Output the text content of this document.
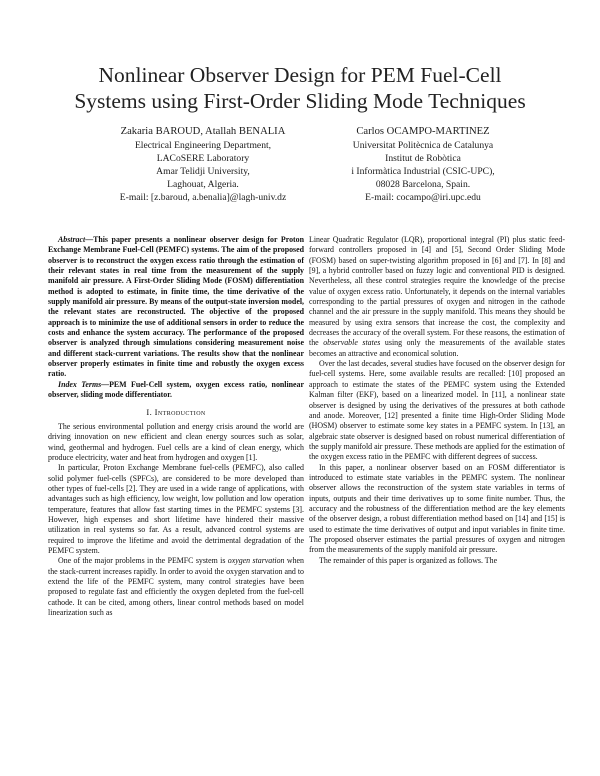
Nonlinear Observer Design for PEM Fuel-Cell
Systems using First-Order Sliding Mode Techniques
Zakaria BAROUD, Atallah BENALIA
Electrical Engineering Department,
LACoSERE Laboratory
Amar Telidji University,
Laghouat, Algeria.
E-mail: [z.baroud, a.benalia]@lagh-univ.dz
Carlos OCAMPO-MARTINEZ
Universitat Politècnica de Catalunya
Institut de Robòtica
i Informàtica Industrial (CSIC-UPC),
08028 Barcelona, Spain.
E-mail: cocampo@iri.upc.edu

Abstract—This paper presents a nonlinear observer design for Proton Exchange Membrane Fuel-Cell (PEMFC) systems. The aim of the proposed observer is to reconstruct the oxygen excess ratio through the estimation of their relevant states in real time from the measurement of the supply manifold air pressure. A First-Order Sliding Mode (FOSM) differentiation method is adopted to estimate, in finite time, the time derivative of the supply manifold air pressure. By means of the output-state inversion model, the relevant states are reconstructed. The objective of the proposed approach is to minimize the use of additional sensors in order to reduce the costs and enhance the system accuracy. The performance of the proposed observer is analyzed through simulations considering measurement noise and different stack-current variations. The results show that the nonlinear observer properly estimates in finite time and robustly the oxygen excess ratio.

Index Terms—PEM Fuel-Cell system, oxygen excess ratio, nonlinear observer, sliding mode differentiator.

I. Introduction

The serious environmental pollution and energy crisis around the world are driving innovation on new efficient and clean energy sources such as solar, wind, geothermal and hydrogen. Fuel cells are a kind of clean energy, which produce electricity, water and heat from hydrogen and oxygen [1].

In particular, Proton Exchange Membrane fuel-cells (PEMFC), also called solid polymer fuel-cells (SPFCs), are considered to be more developed than other types of fuel-cells [2]. They are used in a wide range of applications, with advantages such as high efficiency, low weight, low pollution and low operation temperature, features that allow fast starting times in the PEMFC systems [3]. However, high expenses and short lifetime have hindered their massive utilization in real systems so far. As a result, advanced control systems are required to improve the lifetime and avoid the detrimental degradation of the PEMFC system.

One of the major problems in the PEMFC system is oxygen starvation when the stack-current increases rapidly. In order to avoid the oxygen starvation and to extend the life of the PEMFC system, many control strategies have been proposed to regulate fast and efficiently the oxygen depleted from the fuel-cell cathode. It can be cited, among others, linear control methods based on model linearization such as

Linear Quadratic Regulator (LQR), proportional integral (PI) plus static feed-forward controllers proposed in [4] and [5], Second Order Sliding Mode (FOSM) based on super-twisting algorithm proposed in [6] and [7]. In [8] and [9], a hybrid controller based on fuzzy logic and conventional PID is designed. Nevertheless, all these control strategies require the knowledge of the precise value of oxygen excess ratio. Unfortunately, it depends on the internal variables corresponding to the partial pressures of oxygen and nitrogen in the cathode channel and the air pressure in the supply manifold. This means they should be measured by using extra sensors that increase the cost, the complexity and decreases the accuracy of the overall system. For these reasons, the estimation of the observable states using only the measurements of the available states becomes an attractive and economical solution.

Over the last decades, several studies have focused on the observer design for fuel-cell systems. Here, some available results are recalled: [10] proposed an approach to estimate the states of the PEMFC system using the Extended Kalman filter (EKF), based on a linearized model. In [11], a nonlinear state observer is designed by using the derivatives of the pressures at both cathode and anode. Moreover, [12] presented a finite time High-Order Sliding Mode (HOSM) observer to estimate some key states in a PEMFC system. In [13], an algebraic state observer is designed based on robust numerical differentiation of the supply manifold air pressure. These methods are applied for the estimation of the oxygen excess ratio in the PEMFC with different degrees of success.

In this paper, a nonlinear observer based on an FOSM differentiator is introduced to estimate state variables in the PEMFC system. The nonlinear observer allows the reconstruction of the system state variables in terms of inputs, outputs and their time derivatives up to some finite number. Thus, the accuracy and the robustness of the differentiation method are the key elements of the observer design, a robust differentiation method based on [14] and [15] is used to estimate the time derivatives of output and input variables in finite time. The proposed observer estimates the partial pressures of oxygen and nitrogen from the measurements of the supply manifold air pressure.

The remainder of this paper is organized as follows. The
